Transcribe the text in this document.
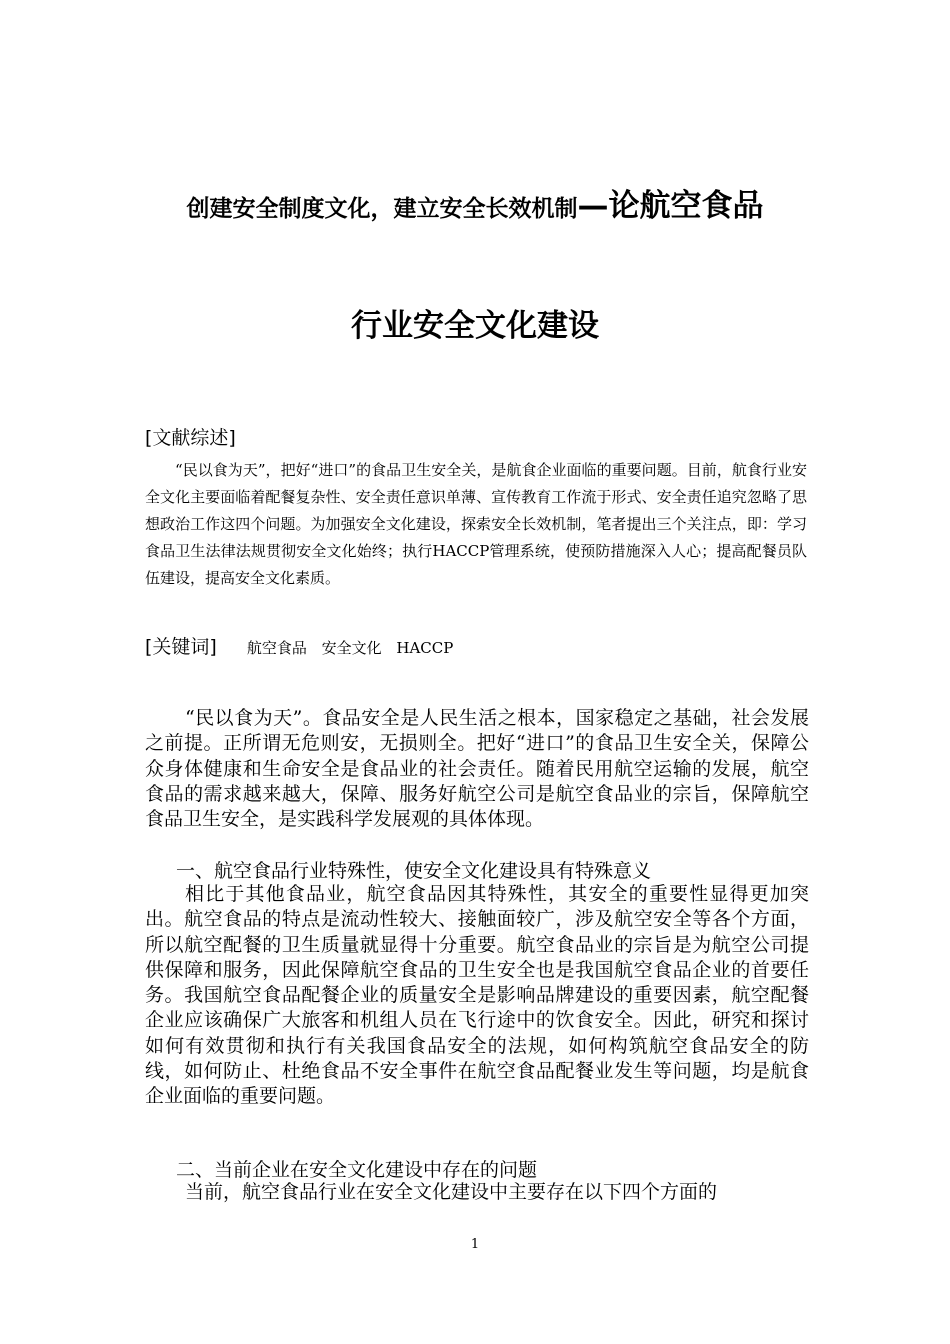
创建安全制度文化，建立安全长效机制—论航空食品
行业安全文化建设
[文献综述]

“民以食为天”，把好“进口”的食品卫生安全关，是航食企业面临的重要问题。目前，航食行业安全文化主要面临着配餐复杂性、安全责任意识单薄、宣传教育工作流于形式、安全责任追究忽略了思想政治工作这四个问题。为加强安全文化建设，探索安全长效机制，笔者提出三个关注点，即：学习食品卫生法律法规贯彻安全文化始终；执行HACCP管理系统，使预防措施深入人心；提高配餐员队伍建设，提高安全文化素质。

[关键词] 航空食品 安全文化 HACCP

“民以食为天”。食品安全是人民生活之根本，国家稳定之基础，社会发展之前提。正所谓无危则安，无损则全。把好“进口”的食品卫生安全关，保障公众身体健康和生命安全是食品业的社会责任。随着民用航空运输的发展，航空食品的需求越来越大，保障、服务好航空公司是航空食品业的宗旨，保障航空食品卫生安全，是实践科学发展观的具体体现。

一、航空食品行业特殊性，使安全文化建设具有特殊意义

相比于其他食品业，航空食品因其特殊性，其安全的重要性显得更加突出。航空食品的特点是流动性较大、接触面较广，涉及航空安全等各个方面，所以航空配餐的卫生质量就显得十分重要。航空食品业的宗旨是为航空公司提供保障和服务，因此保障航空食品的卫生安全也是我国航空食品企业的首要任务。我国航空食品配餐企业的质量安全是影响品牌建设的重要因素，航空配餐企业应该确保广大旅客和机组人员在飞行途中的饮食安全。因此，研究和探讨如何有效贯彻和执行有关我国食品安全的法规，如何构筑航空食品安全的防线，如何防止、杜绝食品不安全事件在航空食品配餐业发生等问题，均是航食企业面临的重要问题。

二、当前企业在安全文化建设中存在的问题

当前，航空食品行业在安全文化建设中主要存在以下四个方面的

1
